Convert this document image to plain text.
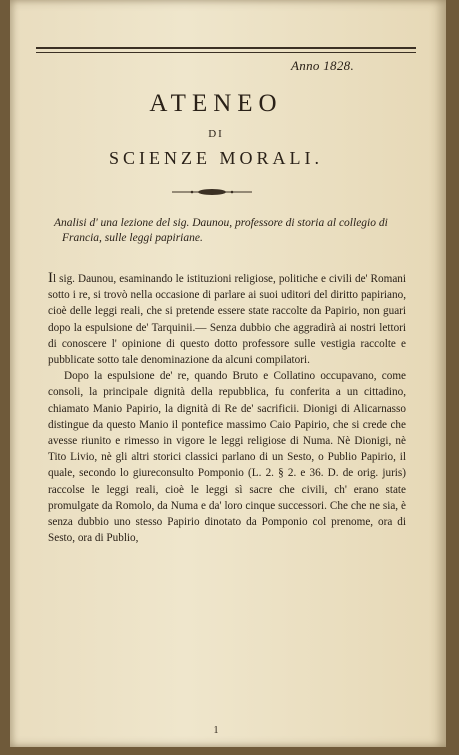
Anno 1828.
ATENEO
DI
SCIENZE MORALI.
Analisi d' una lezione del sig. Daunou, professore di storia al collegio di Francia, sulle leggi papiriane.

Il sig. Daunou, esaminando le istituzioni religiose, politiche e civili de' Romani sotto i re, si trovò nella occasione di parlare ai suoi uditori del diritto papiriano, cioè delle leggi reali, che si pretende essere state raccolte da Papirio, non guari dopo la espulsione de' Tarquinii.— Senza dubbio che aggradirà ai nostri lettori di conoscere l' opinione di questo dotto professore sulle vestigia raccolte e pubblicate sotto tale denominazione da alcuni compilatori.

Dopo la espulsione de' re, quando Bruto e Collatino occupavano, come consoli, la principale dignità della repubblica, fu conferita a un cittadino, chiamato Manio Papirio, la dignità di Re de' sacrificii. Dionigi di Alicarnasso distingue da questo Manio il pontefice massimo Caio Papirio, che si crede che avesse riunito e rimesso in vigore le leggi religiose di Numa. Nè Dionigi, nè Tito Livio, nè gli altri storici classici parlano di un Sesto, o Publio Papirio, il quale, secondo lo giureconsulto Pomponio (L. 2. § 2. e 36. D. de orig. juris) raccolse le leggi reali, cioè le leggi sì sacre che civili, ch' erano state promulgate da Romolo, da Numa e da' loro cinque successori. Che che ne sia, è senza dubbio uno stesso Papirio dinotato da Pomponio col prenome, ora di Sesto, ora di Publio,

1
